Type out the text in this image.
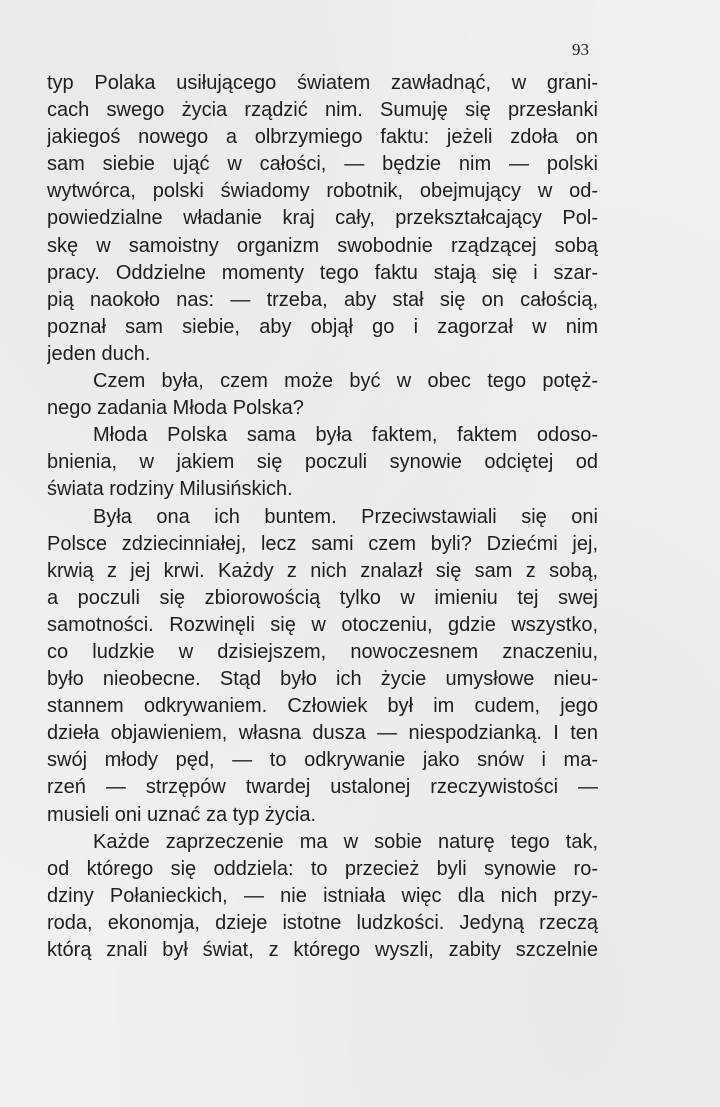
93
typ Polaka usiłującego światem zawładnąć, w grani-
cach swego życia rządzić nim. Sumuję się przesłanki
jakiegoś nowego a olbrzymiego faktu: jeżeli zdoła on
sam siebie ująć w całości, — będzie nim — polski
wytwórca, polski świadomy robotnik, obejmujący w od-
powiedzialne władanie kraj cały, przekształcający Pol-
skę w samoistny organizm swobodnie rządzącej sobą
pracy. Oddzielne momenty tego faktu stają się i szar-
pią naokoło nas: — trzeba, aby stał się on całością,
poznał sam siebie, aby objął go i zagorzał w nim
jeden duch.
Czem była, czem może być w obec tego potęż-
nego zadania Młoda Polska?
Młoda Polska sama była faktem, faktem odoso-
bnienia, w jakiem się poczuli synowie odciętej od
świata rodziny Milusińskich.
Była ona ich buntem. Przeciwstawiali się oni
Polsce zdziecinniałej, lecz sami czem byli? Dziećmi jej,
krwią z jej krwi. Każdy z nich znalazł się sam z sobą,
a poczuli się zbiorowością tylko w imieniu tej swej
samotności. Rozwinęli się w otoczeniu, gdzie wszystko,
co ludzkie w dzisiejszem, nowoczesnem znaczeniu,
było nieobecne. Stąd było ich życie umysłowe nieu-
stannem odkrywaniem. Człowiek był im cudem, jego
dzieła objawieniem, własna dusza — niespodzianką. I ten
swój młody pęd, — to odkrywanie jako snów i ma-
rzeń — strzępów twardej ustalonej rzeczywistości —
musieli oni uznać za typ życia.
Każde zaprzeczenie ma w sobie naturę tego tak,
od którego się oddziela: to przecież byli synowie ro-
dziny Połanieckich, — nie istniała więc dla nich przy-
roda, ekonomja, dzieje istotne ludzkości. Jedyną rzeczą
którą znali był świat, z którego wyszli, zabity szczelnie
